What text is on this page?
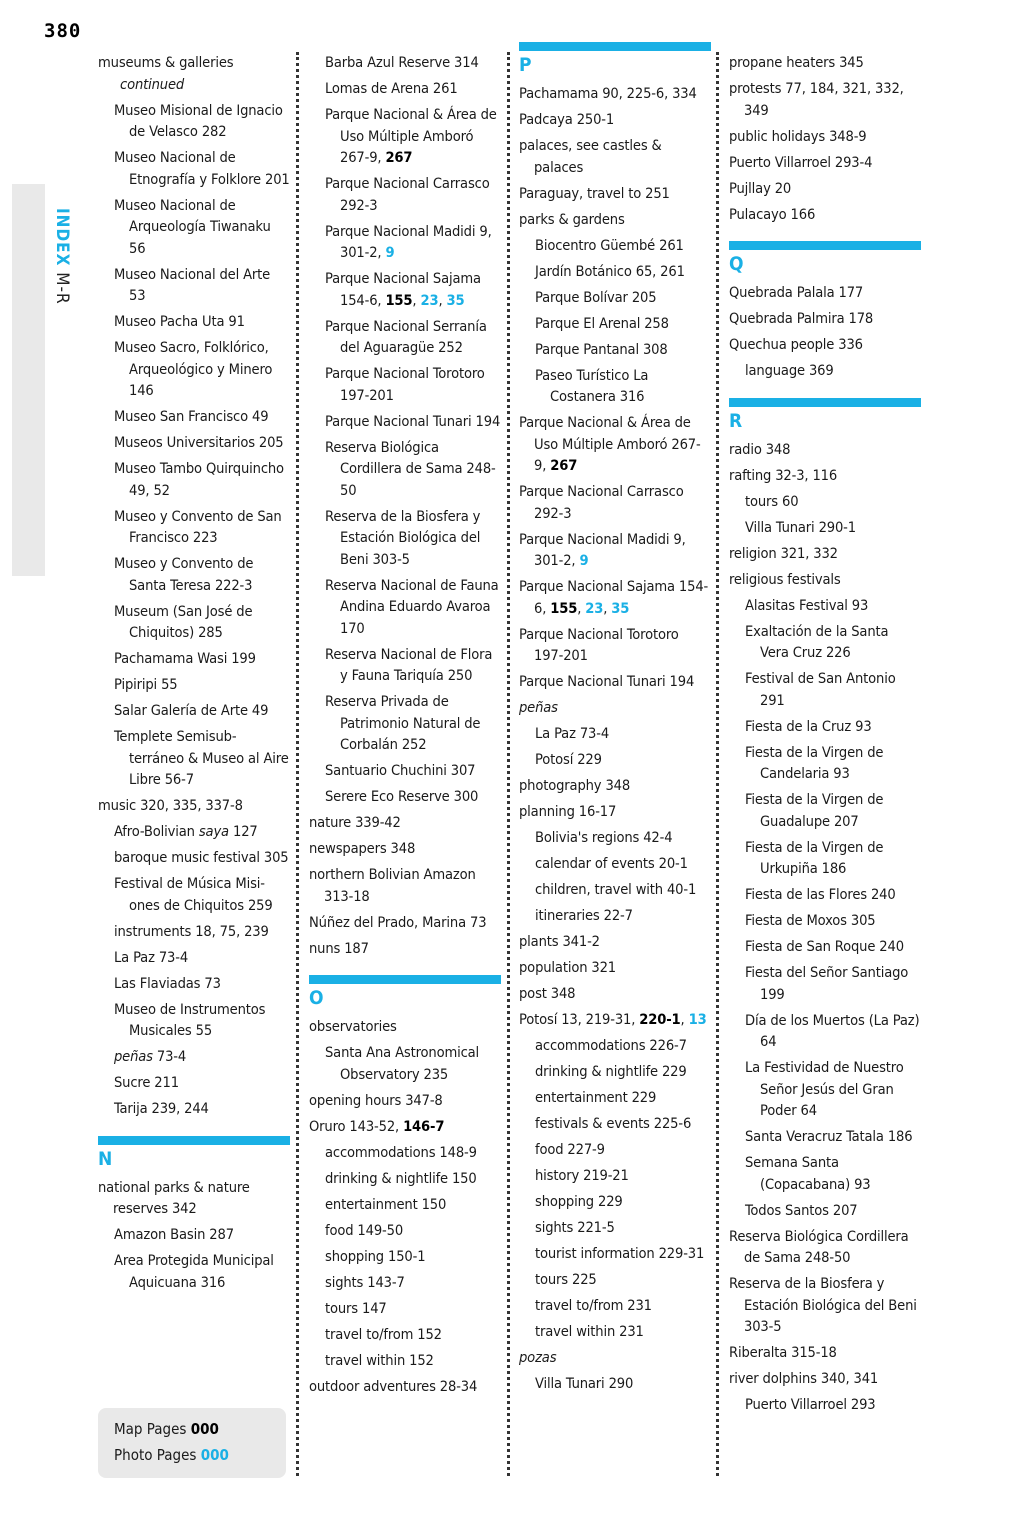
380
INDEX M-R
museums & galleries
continued
Museo Misional de Ignacio de Velasco 282
Museo Nacional de Etnografía y Folklore 201
Museo Nacional de Arqueología Tiwanaku 56
Museo Nacional del Arte 53
Museo Pacha Uta 91
Museo Sacro, Folklórico, Arqueológico y Minero 146
Museo San Francisco 49
Museos Universitarios 205
Museo Tambo Quirquincho 49, 52
Museo y Convento de San Francisco 223
Museo y Convento de Santa Teresa 222-3
Museum (San José de Chiquitos) 285
Pachamama Wasi 199
Pipiripi 55
Salar Galería de Arte 49
Templete Semisub-terráneo & Museo al Aire Libre 56-7
music 320, 335, 337-8
Afro-Bolivian saya 127
baroque music festival 305
Festival de Música Misi-ones de Chiquitos 259
instruments 18, 75, 239
La Paz 73-4
Las Flaviadas 73
Museo de Instrumentos Musicales 55
peñas 73-4
Sucre 211
Tarija 239, 244
N
national parks & nature reserves 342
Amazon Basin 287
Area Protegida Municipal Aquicuana 316
Barba Azul Reserve 314
Lomas de Arena 261
Parque Nacional & Área de Uso Múltiple Amboró 267-9, 267
Parque Nacional Carrasco 292-3
Parque Nacional Madidi 9, 301-2, 9
Parque Nacional Sajama 154-6, 155, 23, 35
Parque Nacional Serranía del Aguaragüe 252
Parque Nacional Torotoro 197-201
Parque Nacional Tunari 194
Reserva Biológica Cordillera de Sama 248-50
Reserva de la Biosfera y Estación Biológica del Beni 303-5
Reserva Nacional de Fauna Andina Eduardo Avaroa 170
Reserva Nacional de Flora y Fauna Tariquía 250
Reserva Privada de Patrimonio Natural de Corbalán 252
Santuario Chuchini 307
Serere Eco Reserve 300
nature 339-42
newspapers 348
northern Bolivian Amazon 313-18
Núñez del Prado, Marina 73
nuns 187
O
observatories
Santa Ana Astronomical Observatory 235
opening hours 347-8
Oruro 143-52, 146-7
accommodations 148-9
drinking & nightlife 150
entertainment 150
food 149-50
shopping 150-1
sights 143-7
tours 147
travel to/from 152
travel within 152
outdoor adventures 28-34
P
Pachamama 90, 225-6, 334
Padcaya 250-1
palaces, see castles & palaces
Paraguay, travel to 251
parks & gardens
Biocentro Güembé 261
Jardín Botánico 65, 261
Parque Bolívar 205
Parque El Arenal 258
Parque Pantanal 308
Paseo Turístico La Costanera 316
Parque Nacional & Área de Uso Múltiple Amboró 267-9, 267
Parque Nacional Carrasco 292-3
Parque Nacional Madidi 9, 301-2, 9
Parque Nacional Sajama 154-6, 155, 23, 35
Parque Nacional Torotoro 197-201
Parque Nacional Tunari 194
peñas
La Paz 73-4
Potosí 229
photography 348
planning 16-17
Bolivia's regions 42-4
calendar of events 20-1
children, travel with 40-1
itineraries 22-7
plants 341-2
population 321
post 348
Potosí 13, 219-31, 220-1, 13
accommodations 226-7
drinking & nightlife 229
entertainment 229
festivals & events 225-6
food 227-9
history 219-21
shopping 229
sights 221-5
tourist information 229-31
tours 225
travel to/from 231
travel within 231
pozas
Villa Tunari 290
propane heaters 345
protests 77, 184, 321, 332, 349
public holidays 348-9
Puerto Villarroel 293-4
Pujllay 20
Pulacayo 166
Q
Quebrada Palala 177
Quebrada Palmira 178
Quechua people 336
language 369
R
radio 348
rafting 32-3, 116
tours 60
Villa Tunari 290-1
religion 321, 332
religious festivals
Alasitas Festival 93
Exaltación de la Santa Vera Cruz 226
Festival de San Antonio 291
Fiesta de la Cruz 93
Fiesta de la Virgen de Candelaria 93
Fiesta de la Virgen de Guadalupe 207
Fiesta de la Virgen de Urkupiña 186
Fiesta de las Flores 240
Fiesta de Moxos 305
Fiesta de San Roque 240
Fiesta del Señor Santiago 199
Día de los Muertos (La Paz) 64
La Festividad de Nuestro Señor Jesús del Gran Poder 64
Santa Veracruz Tatala 186
Semana Santa (Copacabana) 93
Todos Santos 207
Reserva Biológica Cordillera de Sama 248-50
Reserva de la Biosfera y Estación Biológica del Beni 303-5
Riberalta 315-18
river dolphins 340, 341
Puerto Villarroel 293
Map Pages 000
Photo Pages 000
